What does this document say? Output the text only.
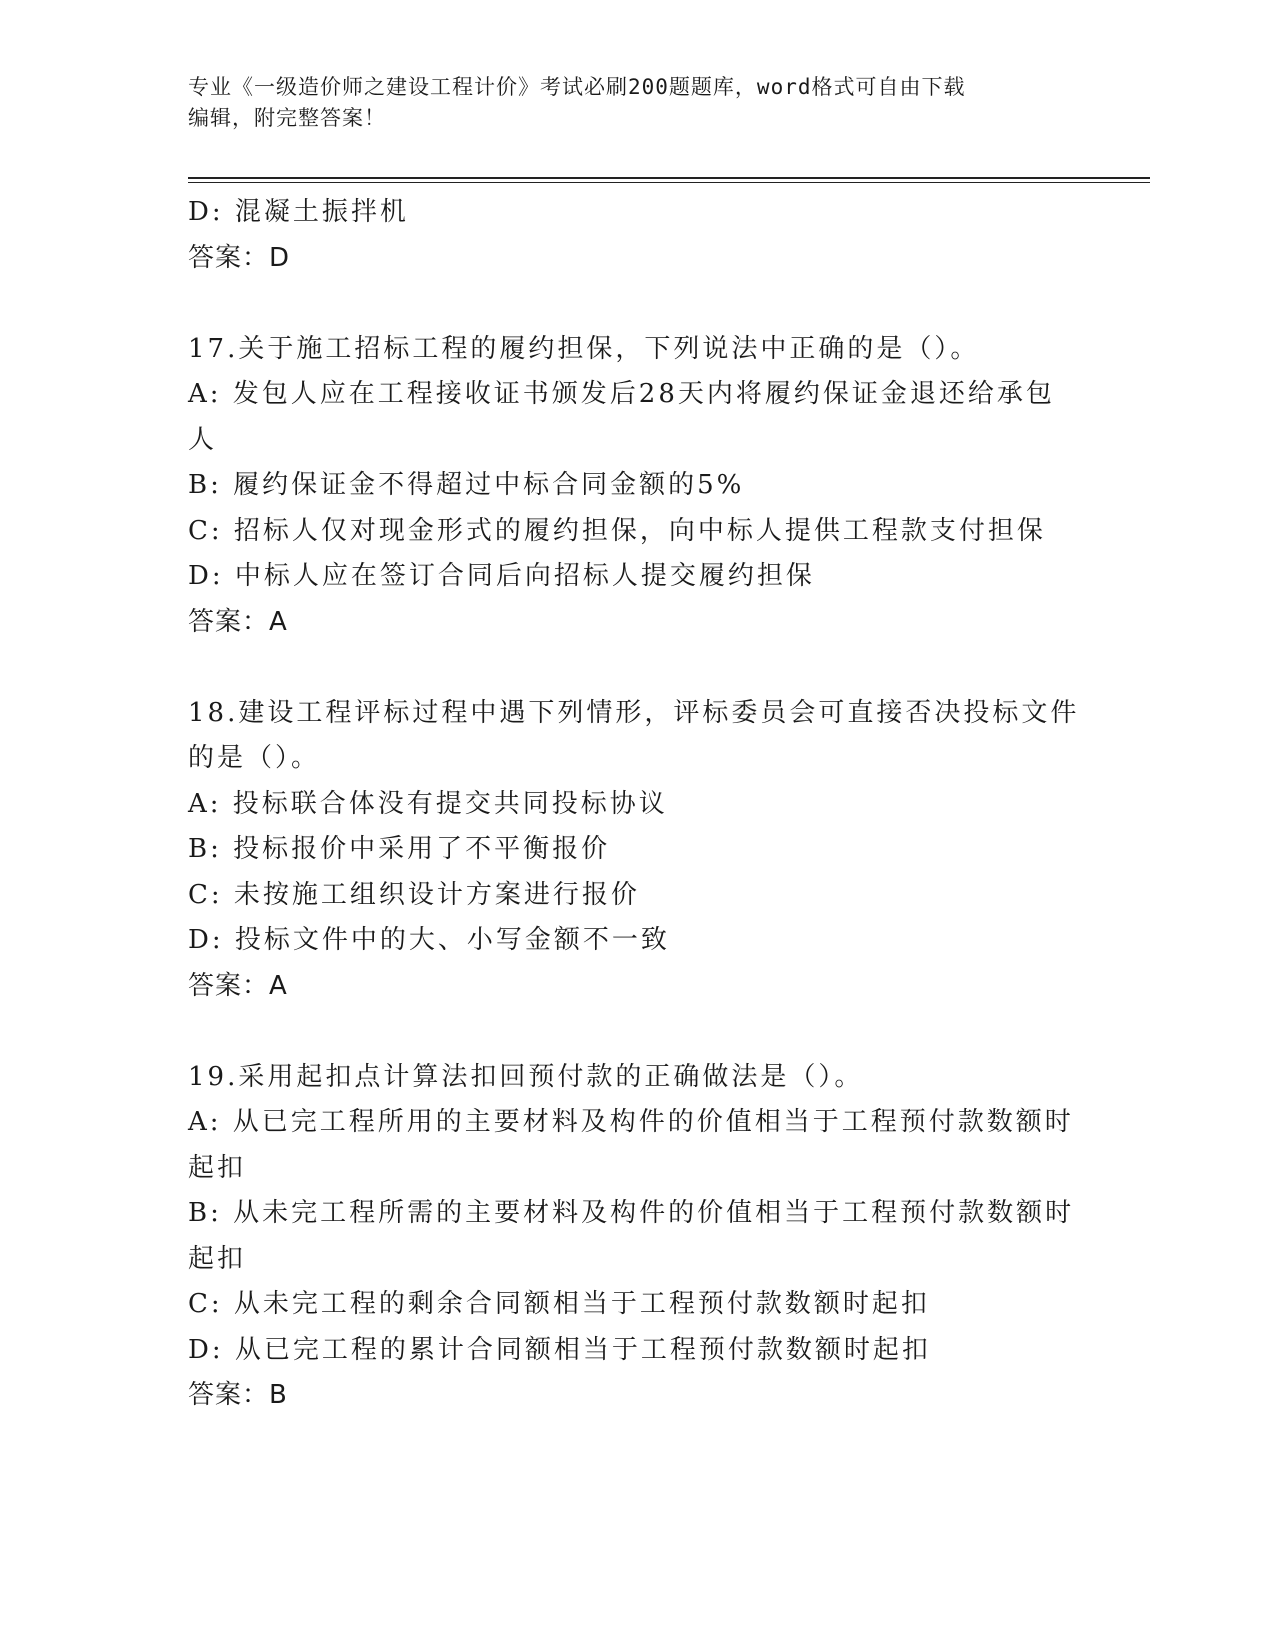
专业《一级造价师之建设工程计价》考试必刷200题题库，word格式可自由下载
编辑，附完整答案！
D: 混凝土振拌机
答案：D
17.关于施工招标工程的履约担保，下列说法中正确的是（）。
A: 发包人应在工程接收证书颁发后28天内将履约保证金退还给承包
人
B: 履约保证金不得超过中标合同金额的5%
C: 招标人仅对现金形式的履约担保，向中标人提供工程款支付担保
D: 中标人应在签订合同后向招标人提交履约担保
答案：A
18.建设工程评标过程中遇下列情形，评标委员会可直接否决投标文件
的是（）。
A: 投标联合体没有提交共同投标协议
B: 投标报价中采用了不平衡报价
C: 未按施工组织设计方案进行报价
D: 投标文件中的大、小写金额不一致
答案：A
19.采用起扣点计算法扣回预付款的正确做法是（）。
A: 从已完工程所用的主要材料及构件的价值相当于工程预付款数额时
起扣
B: 从未完工程所需的主要材料及构件的价值相当于工程预付款数额时
起扣
C: 从未完工程的剩余合同额相当于工程预付款数额时起扣
D: 从已完工程的累计合同额相当于工程预付款数额时起扣
答案：B
